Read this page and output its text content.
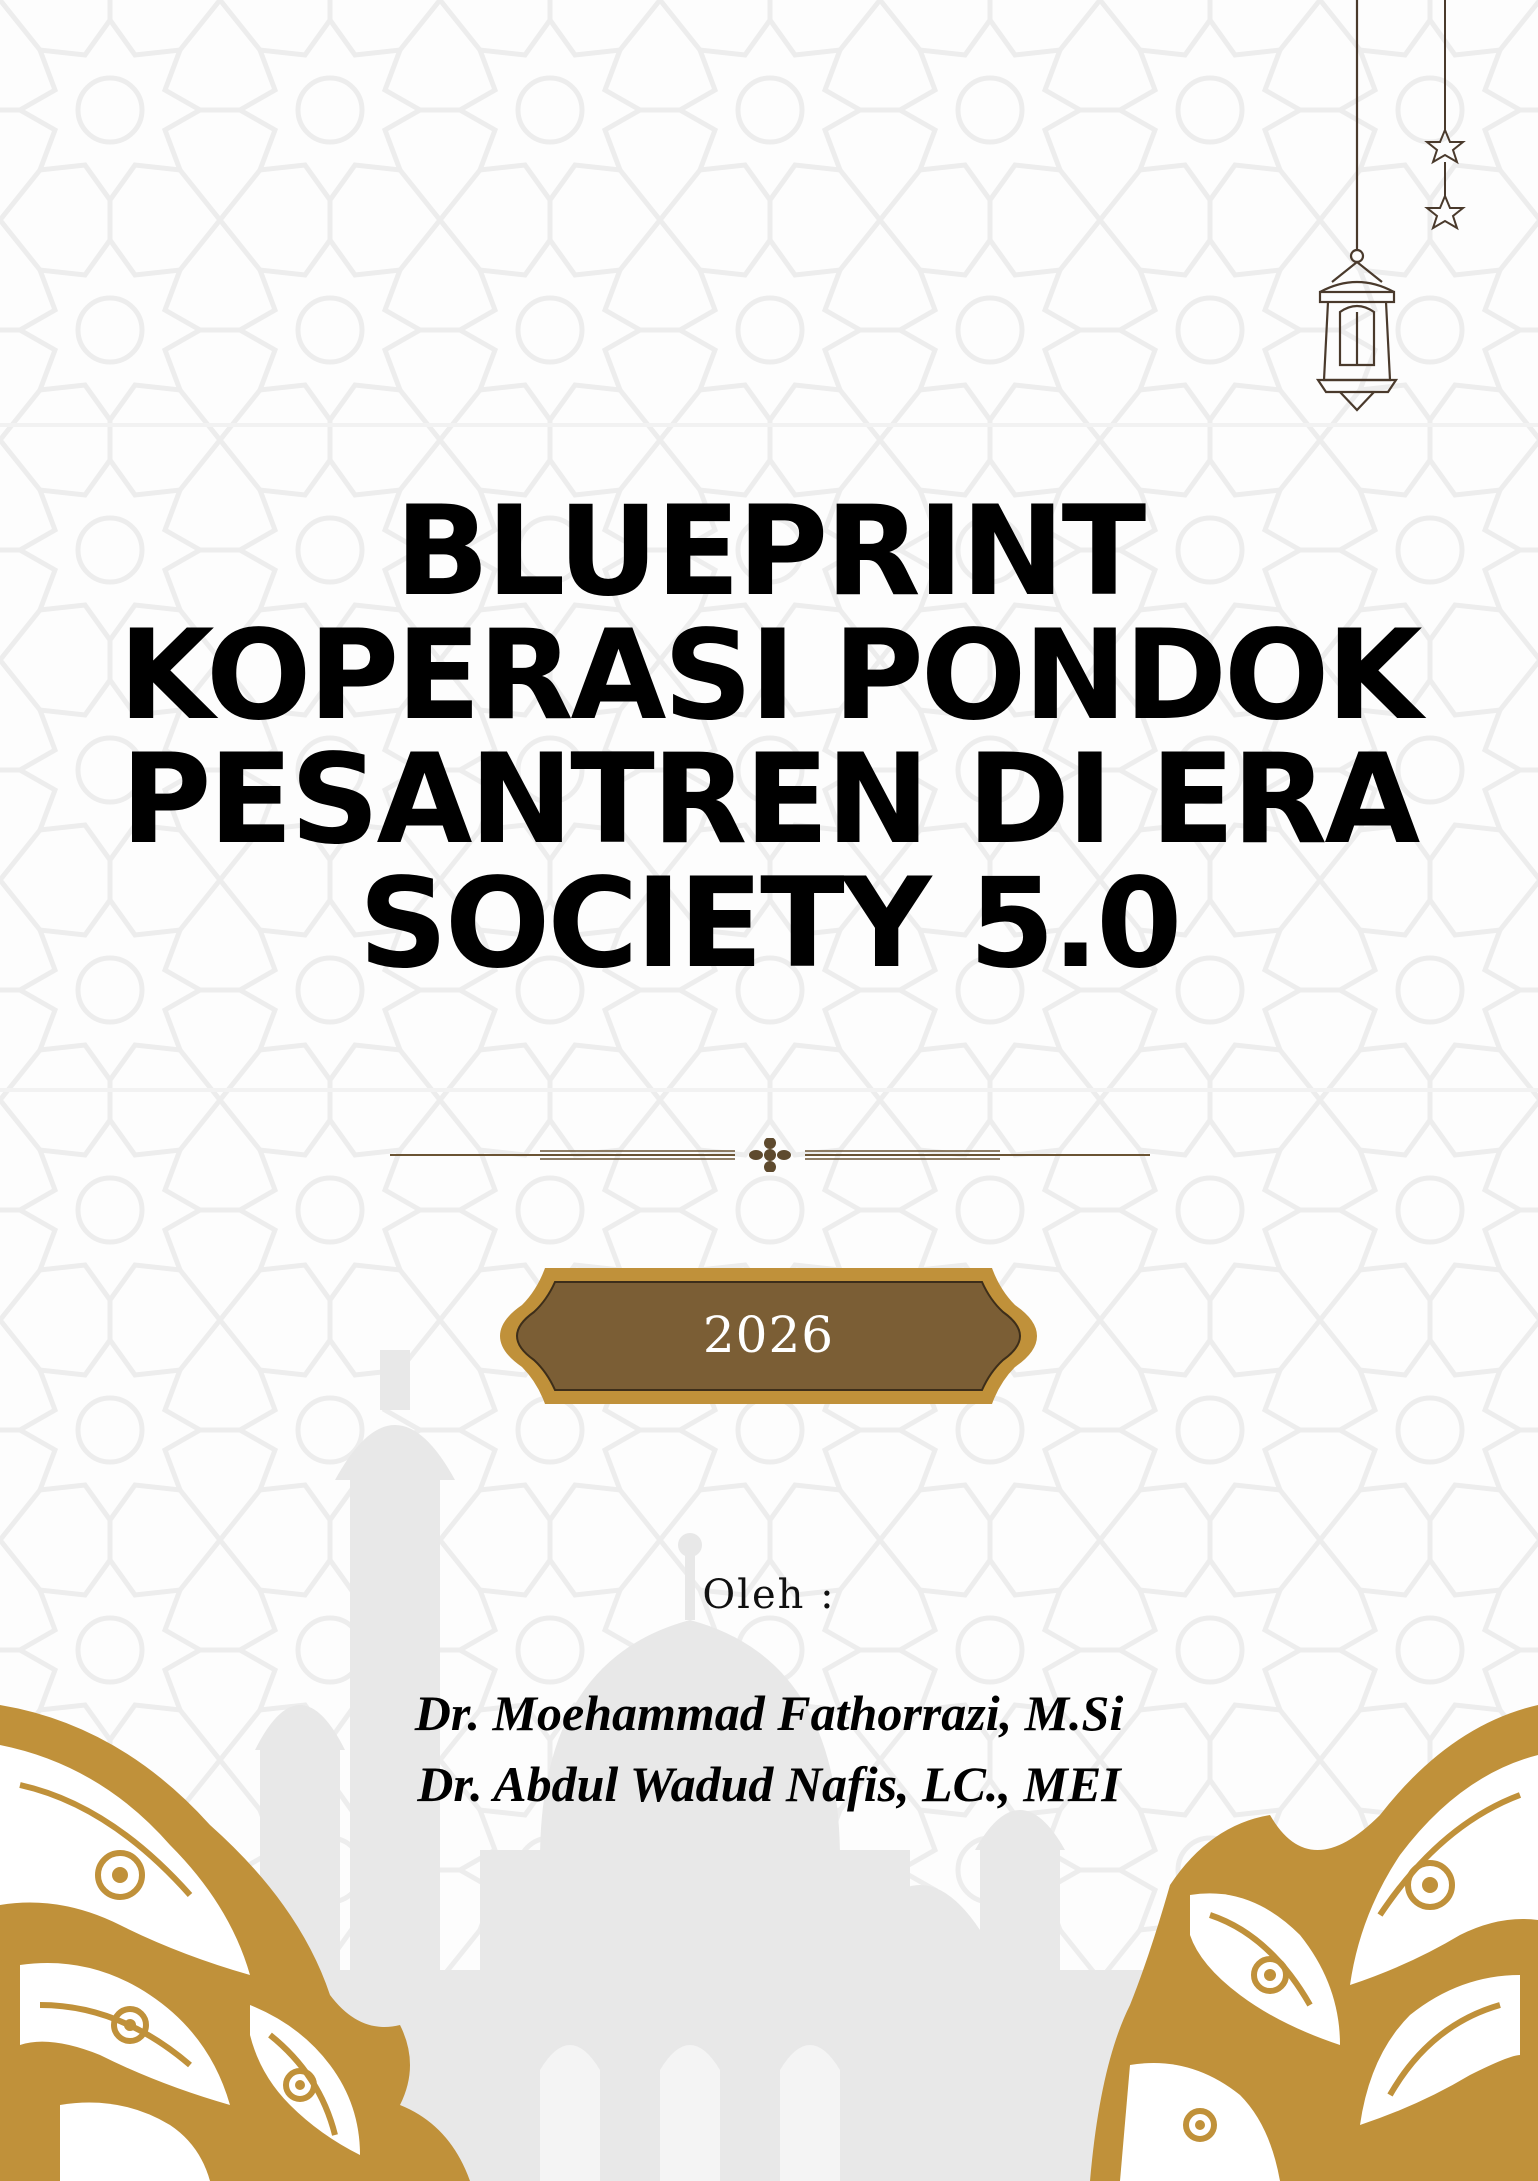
BLUEPRINT
KOPERASI PONDOK
PESANTREN DI ERA
SOCIETY 5.0
2026
Oleh :
Dr. Moehammad Fathorrazi, M.Si
Dr. Abdul Wadud Nafis, LC., MEI
